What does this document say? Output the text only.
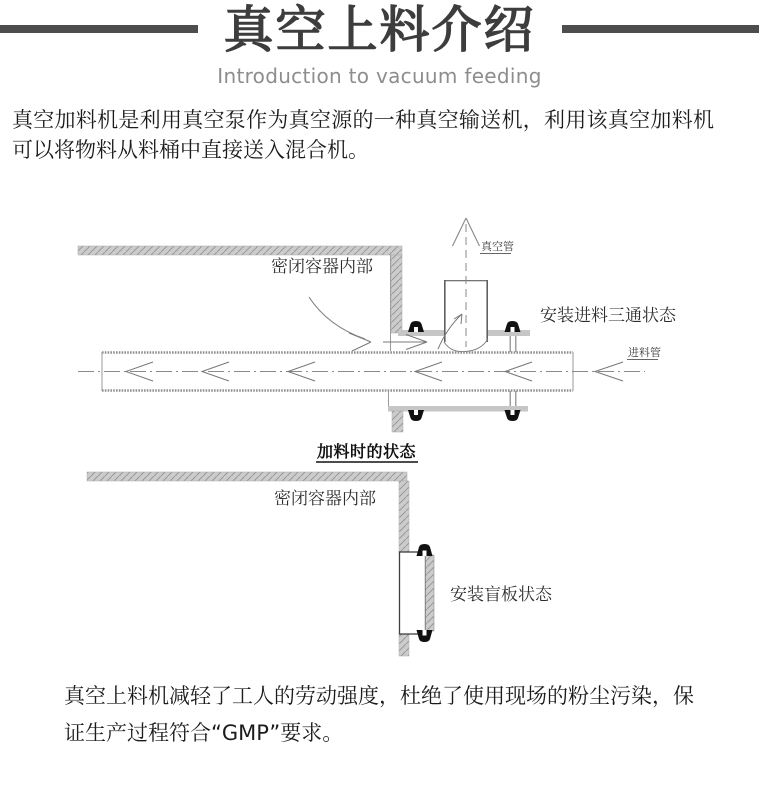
真空上料介绍
Introduction to vacuum feeding

真空加料机是利用真空泵作为真空源的一种真空输送机，利用该真空加料机可以将物料从料桶中直接送入混合机。

密闭容器内部
真空管
安装进料三通状态
进料管
加料时的状态
密闭容器内部
安装盲板状态

真空上料机减轻了工人的劳动强度，杜绝了使用现场的粉尘污染，保证生产过程符合“GMP”要求。
